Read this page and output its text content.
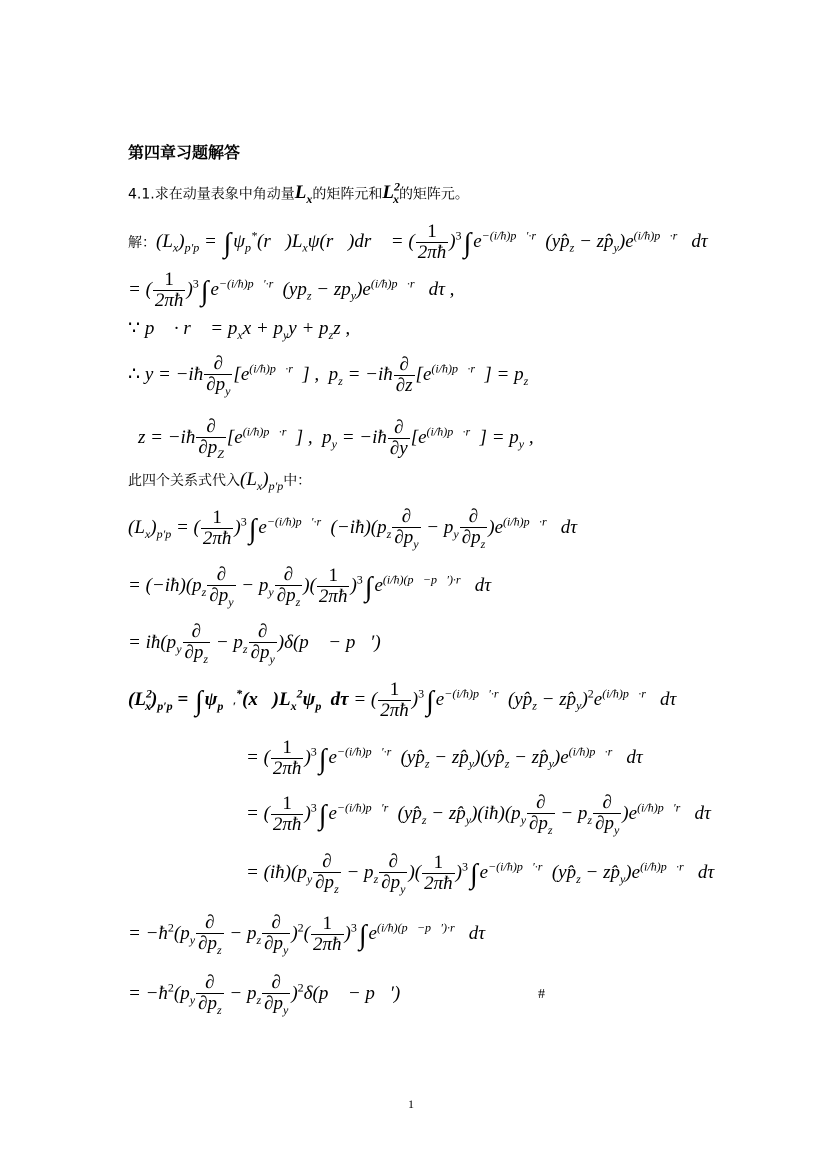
第四章习题解答
4.1.求在动量表象中角动量$L_x$的矩阵元和$L^2_x$的矩阵元。
解：$(L_x)_{p'p}$ = ∫ $\psi_p^*(r⃗)L_x\psi(r⃗)dr⃗$ = ( $\frac{1}{2\pi ħ} )^3\int$ $e^{-(i/ħ)p⃗'\cdot r⃗}(yp̂_z$ − $zp̂_y)e^{(i/ħ)p⃗\cdot r⃗}$ dτ
= ( $\frac{1}{2\pi ħ} )^3\int$ $e^{-(i/ħ)p⃗'\cdot r⃗}(yp_z - zp_y)e^{(i/ħ)p⃗\cdot r⃗}$ dτ ,
∵ p⃗ · r⃗ = $p_xx + p_yy + p_zz$ ,
∴ y = −iħ $\frac{\partial}{\partial p_y} [e^{(i/ħ)p⃗\cdot r⃗}]$ ,  $p_z$ = −iħ $\frac{\partial}{\partial z} [e^{(i/ħ)p⃗\cdot r⃗}] = p_z$
z = −iħ $\frac{\partial}{\partial p_Z} [e^{(i/ħ)p⃗\cdot r⃗}]$ ,  $p_y$ = −iħ $\frac{\partial}{\partial y} [e^{(i/ħ)p⃗\cdot r⃗}] = p_y$ ,
此四个关系式代入$(L_x)_{p'p}$中：
$(L_x)_{p'p}$ = ( $\frac{1}{2\pi ħ} )^3\int$ $e^{-(i/ħ)p⃗'\cdot r⃗}(-iħ)(p_z \frac{\partial}{\partial p_y} - p_y \frac{\partial}{\partial p_z} )e^{(i/ħ)p⃗\cdot r⃗}$ dτ
= $(-iħ)(p_z \frac{\partial}{\partial p_y} - p_y \frac{\partial}{\partial p_z}$ )( $\frac{1}{2\pi ħ} )^3\int$ $e^{(i/ħ)(p⃗-p⃗')\cdot r⃗}$ dτ
= $iħ(p_y \frac{\partial}{\partial p_z} - p_z \frac{\partial}{\partial p_y}$ )δ(p⃗ − p⃗′)
$(L^2_x)_{p'p}$ = ∫ $\psi_{p⃗'}^*(x⃗)L_x^2\psi_{p⃗}d\tau$ = ( $\frac{1}{2\pi ħ} )^3\int$ $e^{-(i/ħ)p⃗'\cdot r⃗}(yp̂_z$ − $zp̂_y)^2e^{(i/ħ)p⃗\cdot r⃗}$ dτ
= ( $\frac{1}{2\pi ħ} )^3\int$ $e^{-(i/ħ)p⃗'\cdot r⃗}(yp̂_z$ − $zp̂_y)(yp̂_z$ − $zp̂_y)e^{(i/ħ)p⃗\cdot r⃗}$ dτ
= ( $\frac{1}{2\pi ħ} )^3\int$ $e^{-(i/ħ)p⃗'r⃗}(yp̂_z$ − $zp̂_y)(iħ)(p_y \frac{\partial}{\partial p_z} - p_z \frac{\partial}{\partial p_y} )e^{(i/ħ)p⃗'r⃗}$ dτ
= $(iħ)(p_y \frac{\partial}{\partial p_z} - p_z \frac{\partial}{\partial p_y}$ )( $\frac{1}{2\pi ħ} )^3\int$ $e^{-(i/ħ)p⃗'\cdot r⃗}(yp̂_z$ − $zp̂_y)e^{(i/ħ)p⃗\cdot r⃗}$ dτ
= $-ħ^2(p_y \frac{\partial}{\partial p_z} - p_z \frac{\partial}{\partial p_y} )^2( \frac{1}{2\pi ħ} )^3\int$ $e^{(i/ħ)(p⃗-p⃗')\cdot r⃗}$ dτ
= $-ħ^2(p_y \frac{\partial}{\partial p_z} - p_z \frac{\partial}{\partial p_y}$ )$^2$δ(p⃗ − p⃗′)	#
1
